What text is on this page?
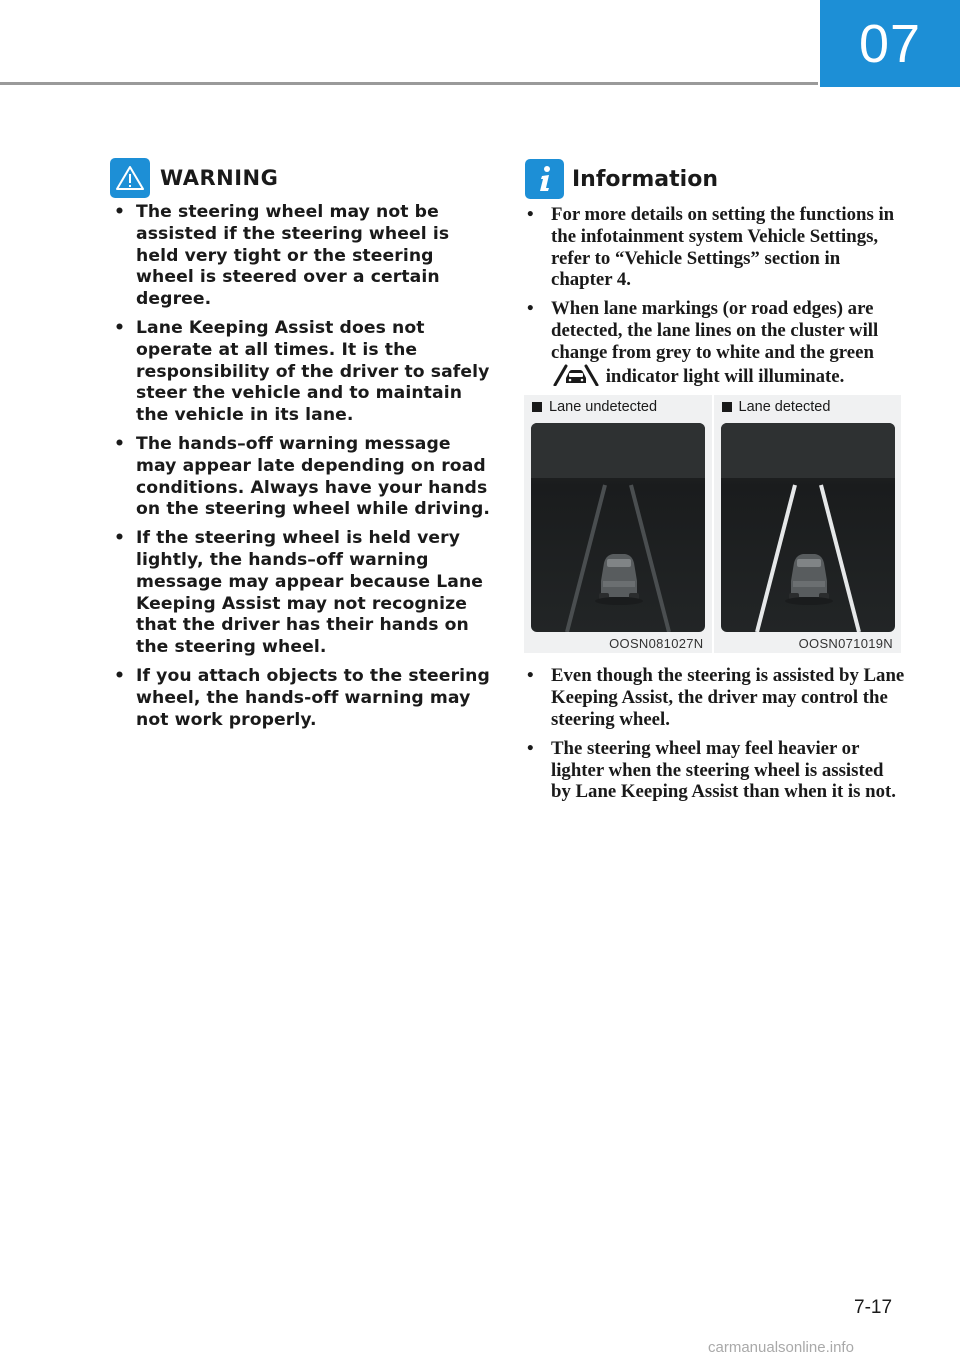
07
WARNING
• The steering wheel may not be assisted if the steering wheel is held very tight or the steering wheel is steered over a certain degree.
• Lane Keeping Assist does not operate at all times. It is the responsibility of the driver to safely steer the vehicle and to maintain the vehicle in its lane.
• The hands–off warning message may appear late depending on road conditions. Always have your hands on the steering wheel while driving.
• If the steering wheel is held very lightly, the hands–off warning message may appear because Lane Keeping Assist may not recognize that the driver has their hands on the steering wheel.
• If you attach objects to the steering wheel, the hands-off warning may not work properly.
Information
• For more details on setting the functions in the infotainment system Vehicle Settings, refer to “Vehicle Settings” section in chapter 4.
• When lane markings (or road edges) are detected, the lane lines on the cluster will change from grey to white and the green  indicator light will illuminate.
Lane undetected
OOSN081027N
Lane detected
OOSN071019N
• Even though the steering is assisted by Lane Keeping Assist, the driver may control the steering wheel.
• The steering wheel may feel heavier or lighter when the steering wheel is assisted by Lane Keeping Assist than when it is not.
7-17
carmanualsonline.info
